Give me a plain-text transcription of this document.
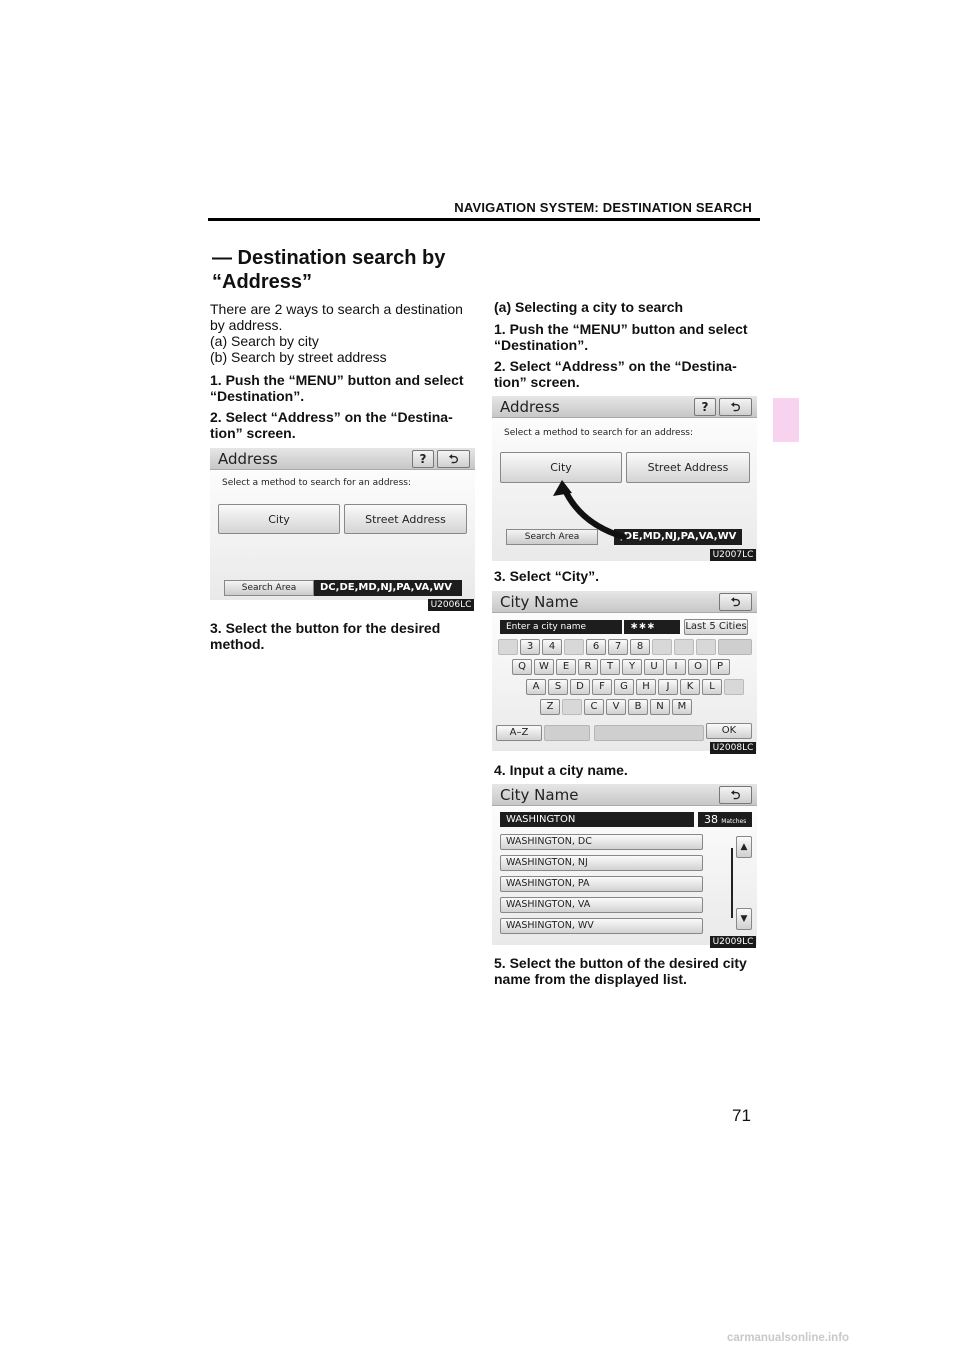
NAVIGATION SYSTEM: DESTINATION SEARCH
— Destination search by
“Address”
There are 2 ways to search a destination
by address.
(a) Search by city
(b) Search by street address
1. Push the “MENU” button and select
“Destination”.
2. Select “Address” on the “Destina-
tion” screen.
Address	?	⮌
Select a method to search for an address:
City	Street Address
Search Area	DC,DE,MD,NJ,PA,VA,WV
U2006LC
3. Select the button for the desired
method.
(a) Selecting a city to search
1. Push the “MENU” button and select
“Destination”.
2. Select “Address” on the “Destina-
tion” screen.
Address	?	⮌
Select a method to search for an address:
City	Street Address
Search Area	,DE,MD,NJ,PA,VA,WV
U2007LC
3. Select “City”.
City Name	⮌
Enter a city name	∗∗∗	Last 5 Cities
3	4	6	7	8
Q	W	E	R	T	Y	U	I	O	P
A	S	D	F	G	H	J	K	L
Z	C	V	B	N	M
A–Z	OK
U2008LC
4. Input a city name.
City Name	⮌
WASHINGTON	38 Matches
WASHINGTON, DC
WASHINGTON, NJ
WASHINGTON, PA
WASHINGTON, VA
WASHINGTON, WV
▲
▼
U2009LC
5. Select the button of the desired city
name from the displayed list.
71
carmanualsonline.info
